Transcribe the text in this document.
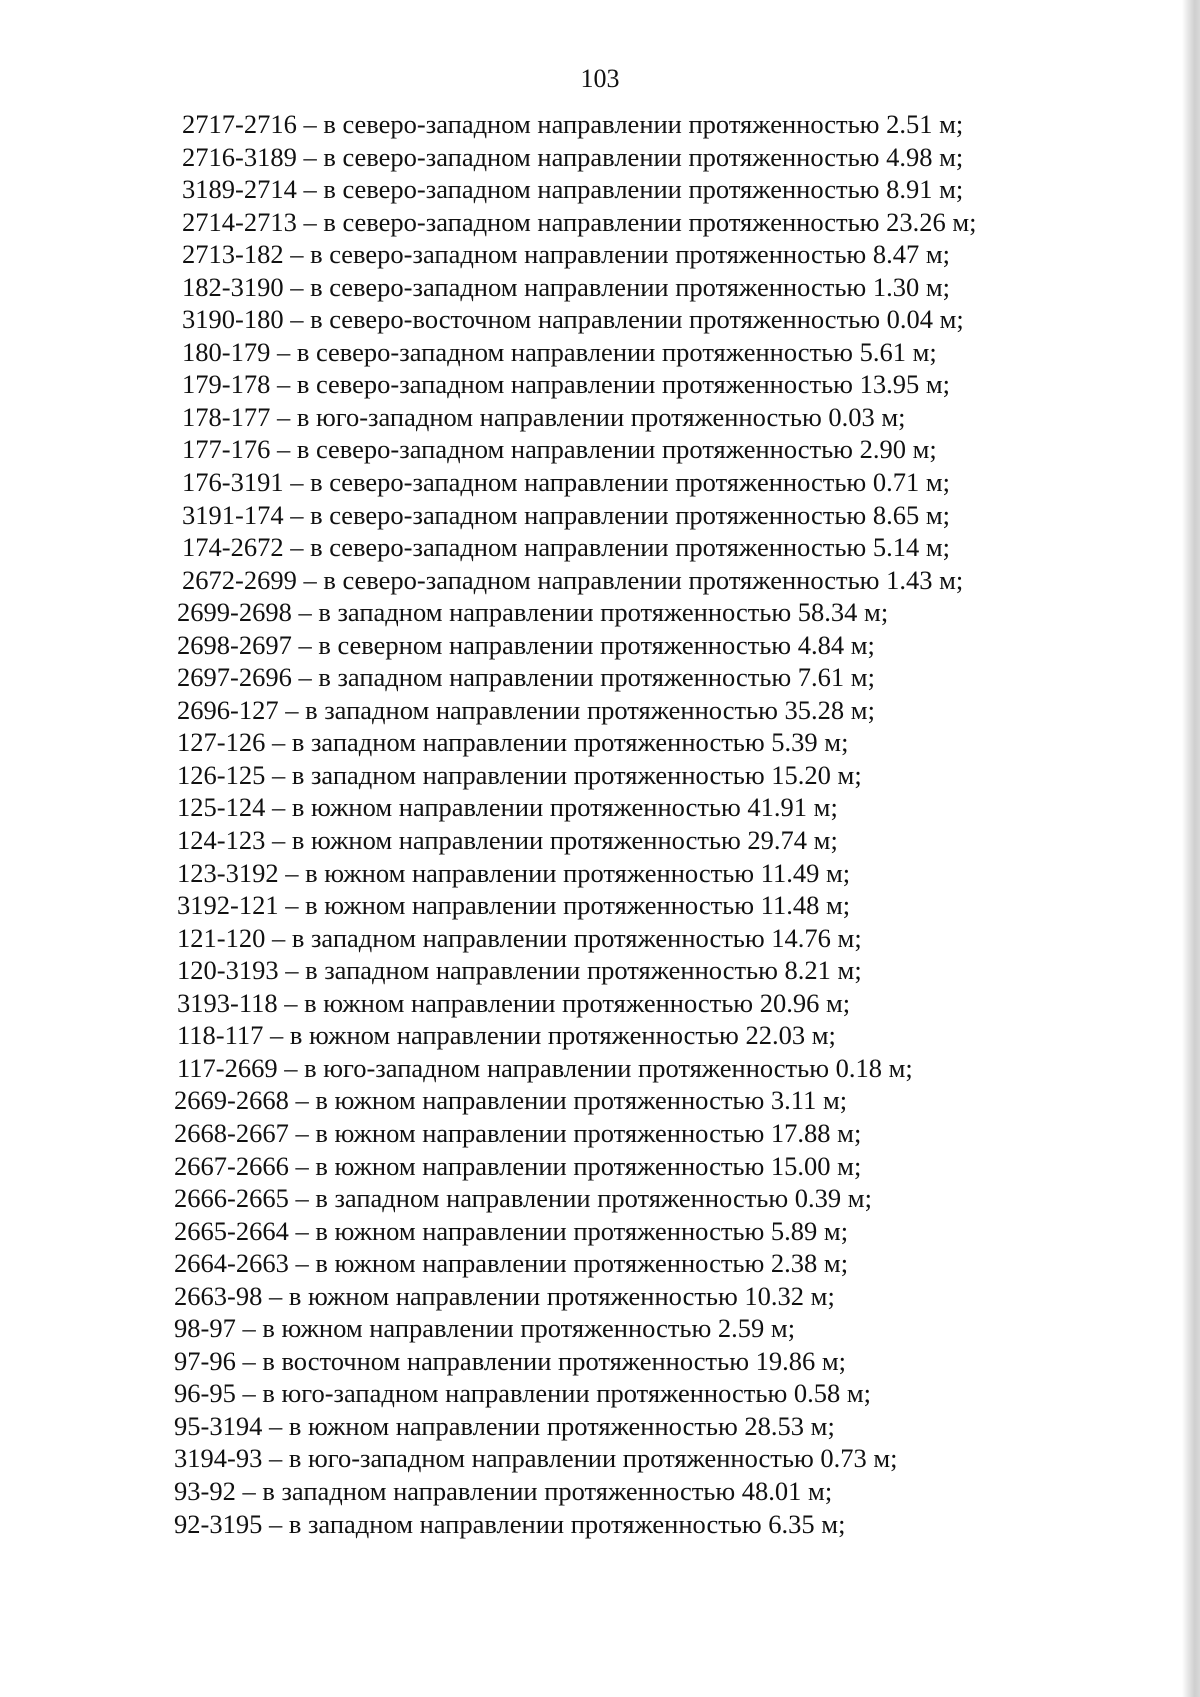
103
2717-2716 – в северо-западном направлении протяженностью 2.51 м;
2716-3189 – в северо-западном направлении протяженностью 4.98 м;
3189-2714 – в северо-западном направлении протяженностью 8.91 м;
2714-2713 – в северо-западном направлении протяженностью 23.26 м;
2713-182 – в северо-западном направлении протяженностью 8.47 м;
182-3190 – в северо-западном направлении протяженностью 1.30 м;
3190-180 – в северо-восточном направлении протяженностью 0.04 м;
180-179 – в северо-западном направлении протяженностью 5.61 м;
179-178 – в северо-западном направлении протяженностью 13.95 м;
178-177 – в юго-западном направлении протяженностью 0.03 м;
177-176 – в северо-западном направлении протяженностью 2.90 м;
176-3191 – в северо-западном направлении протяженностью 0.71 м;
3191-174 – в северо-западном направлении протяженностью 8.65 м;
174-2672 – в северо-западном направлении протяженностью 5.14 м;
2672-2699 – в северо-западном направлении протяженностью 1.43 м;
2699-2698 – в западном направлении протяженностью 58.34 м;
2698-2697 – в северном направлении протяженностью 4.84 м;
2697-2696 – в западном направлении протяженностью 7.61 м;
2696-127 – в западном направлении протяженностью 35.28 м;
127-126 – в западном направлении протяженностью 5.39 м;
126-125 – в западном направлении протяженностью 15.20 м;
125-124 – в южном направлении протяженностью 41.91 м;
124-123 – в южном направлении протяженностью 29.74 м;
123-3192 – в южном направлении протяженностью 11.49 м;
3192-121 – в южном направлении протяженностью 11.48 м;
121-120 – в западном направлении протяженностью 14.76 м;
120-3193 – в западном направлении протяженностью 8.21 м;
3193-118 – в южном направлении протяженностью 20.96 м;
118-117 – в южном направлении протяженностью 22.03 м;
117-2669 – в юго-западном направлении протяженностью 0.18 м;
2669-2668 – в южном направлении протяженностью 3.11 м;
2668-2667 – в южном направлении протяженностью 17.88 м;
2667-2666 – в южном направлении протяженностью 15.00 м;
2666-2665 – в западном направлении протяженностью 0.39 м;
2665-2664 – в южном направлении протяженностью 5.89 м;
2664-2663 – в южном направлении протяженностью 2.38 м;
2663-98 – в южном направлении протяженностью 10.32 м;
98-97 – в южном направлении протяженностью 2.59 м;
97-96 – в восточном направлении протяженностью 19.86 м;
96-95 – в юго-западном направлении протяженностью 0.58 м;
95-3194 – в южном направлении протяженностью 28.53 м;
3194-93 – в юго-западном направлении протяженностью 0.73 м;
93-92 – в западном направлении протяженностью 48.01 м;
92-3195 – в западном направлении протяженностью 6.35 м;
